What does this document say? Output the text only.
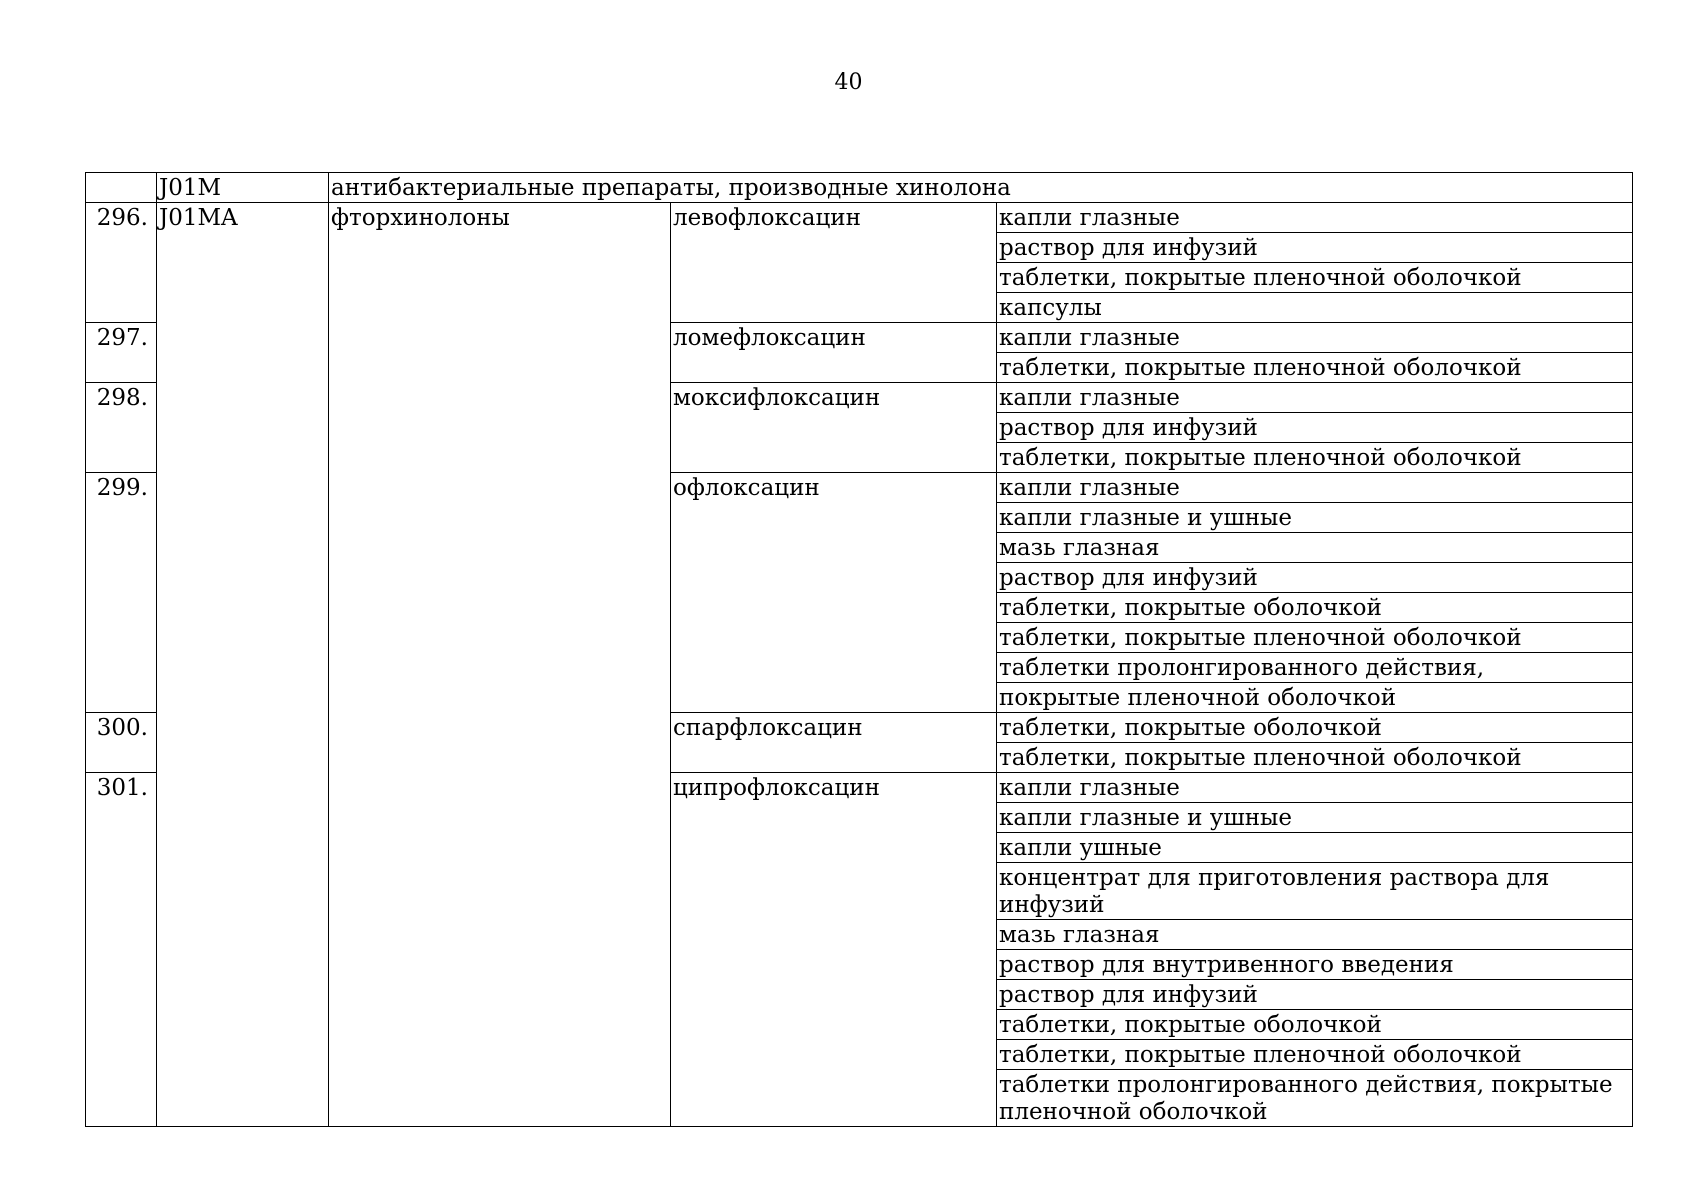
40
	J01M	антибактериальные препараты, производные хинолона		
296.	J01MA	фторхинолоны	левофлоксацин	капли глазные
				раствор для инфузий
				таблетки, покрытые пленочной оболочкой
				капсулы
297.			ломефлоксацин	капли глазные
				таблетки, покрытые пленочной оболочкой
298.			моксифлоксацин	капли глазные
				раствор для инфузий
				таблетки, покрытые пленочной оболочкой
299.			офлоксацин	капли глазные
				капли глазные и ушные
				мазь глазная
				раствор для инфузий
				таблетки, покрытые оболочкой
				таблетки, покрытые пленочной оболочкой
				таблетки пролонгированного действия,
				покрытые пленочной оболочкой
300.			спарфлоксацин	таблетки, покрытые оболочкой
				таблетки, покрытые пленочной оболочкой
301.			ципрофлоксацин	капли глазные
				капли глазные и ушные
				капли ушные
				концентрат для приготовления раствора для инфузий
				мазь глазная
				раствор для внутривенного введения
				раствор для инфузий
				таблетки, покрытые оболочкой
				таблетки, покрытые пленочной оболочкой
				таблетки пролонгированного действия, покрытые пленочной оболочкой
